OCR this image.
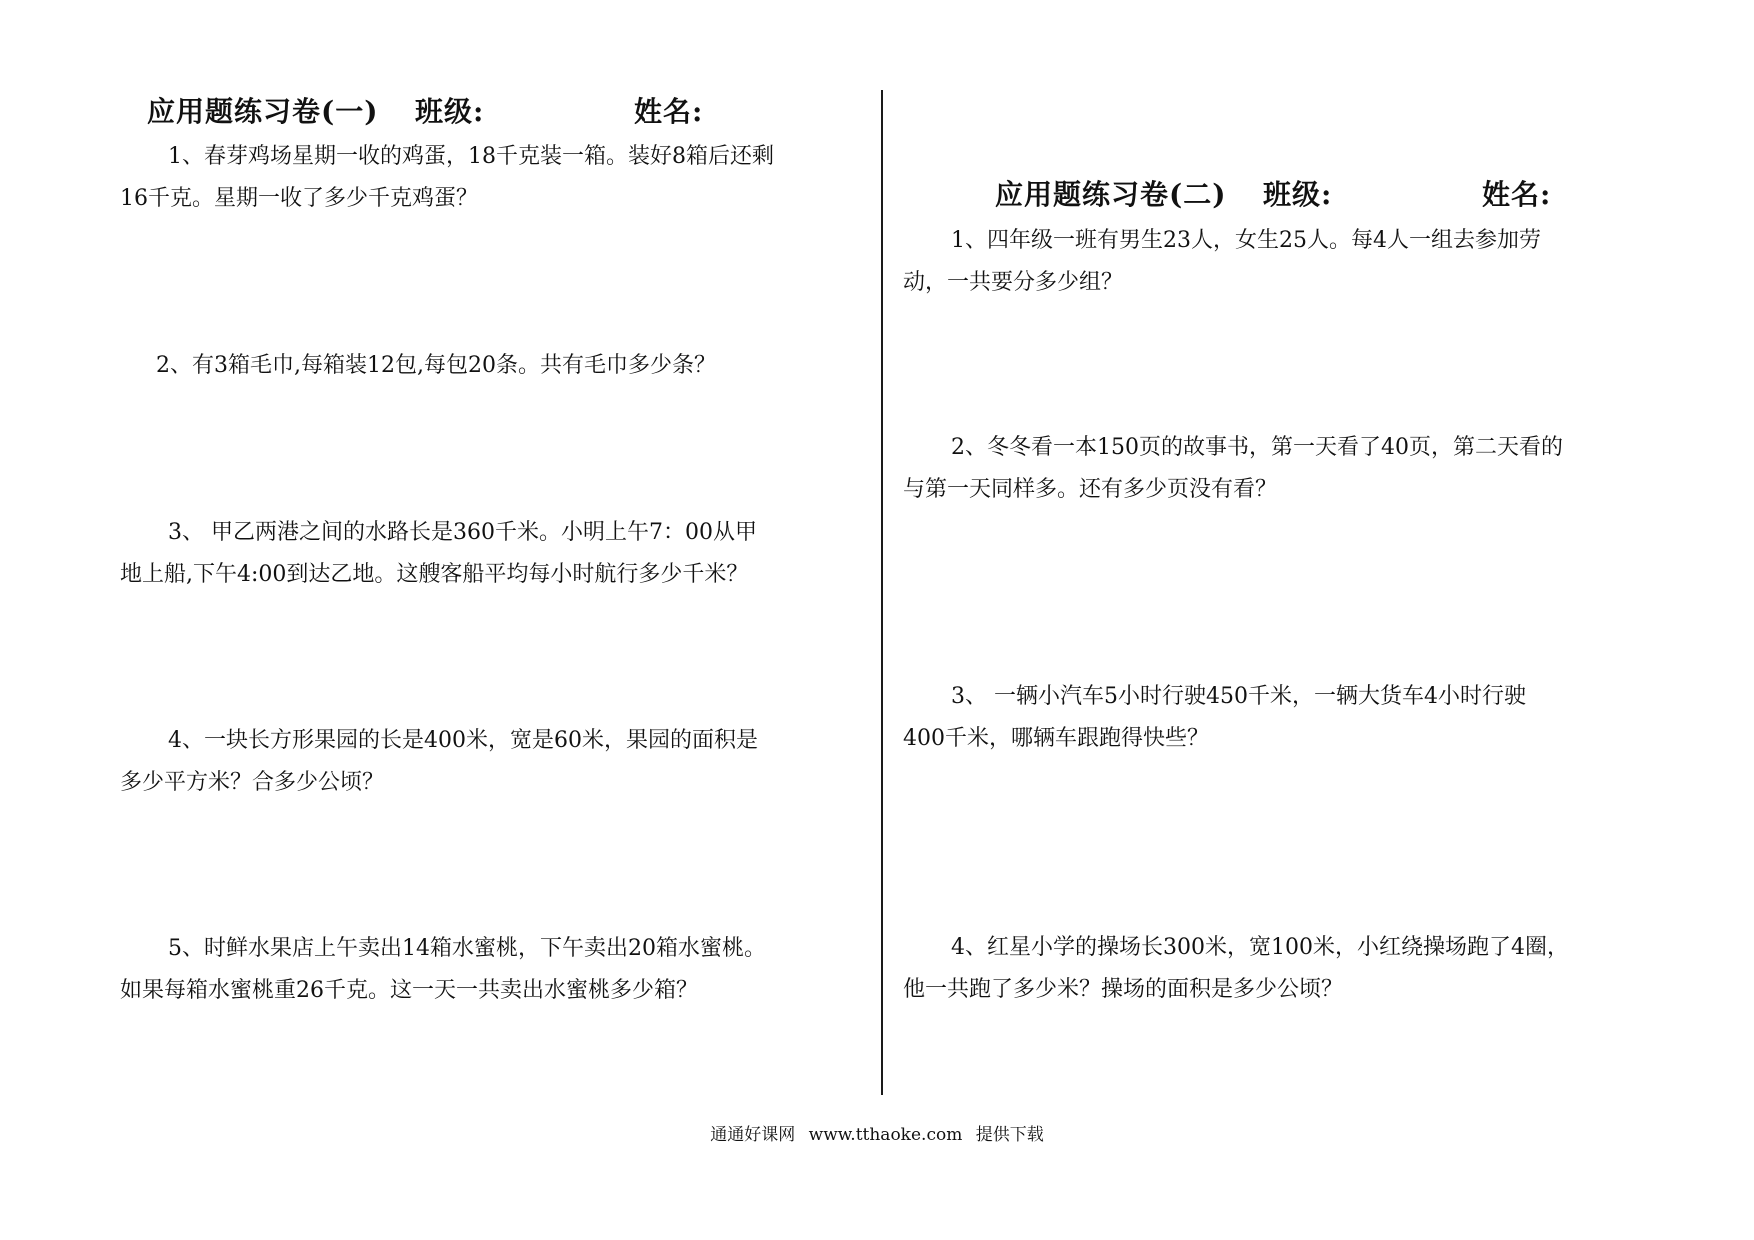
应用题练习卷(一) 班级:	姓名:
1、春芽鸡场星期一收的鸡蛋，18千克装一箱。装好8箱后还剩
16千克。星期一收了多少千克鸡蛋？
2、有3箱毛巾,每箱装12包,每包20条。共有毛巾多少条？
3、 甲乙两港之间的水路长是360千米。小明上午7：00从甲
地上船,下午4:00到达乙地。这艘客船平均每小时航行多少千米？
4、一块长方形果园的长是400米，宽是60米，果园的面积是
多少平方米？合多少公顷？
5、时鲜水果店上午卖出14箱水蜜桃，下午卖出20箱水蜜桃。
如果每箱水蜜桃重26千克。这一天一共卖出水蜜桃多少箱？
应用题练习卷(二) 班级:	姓名:
1、四年级一班有男生23人，女生25人。每4人一组去参加劳
动，一共要分多少组？
2、冬冬看一本150页的故事书，第一天看了40页，第二天看的
与第一天同样多。还有多少页没有看？
3、 一辆小汽车5小时行驶450千米，一辆大货车4小时行驶
400千米，哪辆车跟跑得快些？
4、红星小学的操场长300米，宽100米，小红绕操场跑了4圈，
他一共跑了多少米？操场的面积是多少公顷？
通通好课网 www.tthaoke.com 提供下载
